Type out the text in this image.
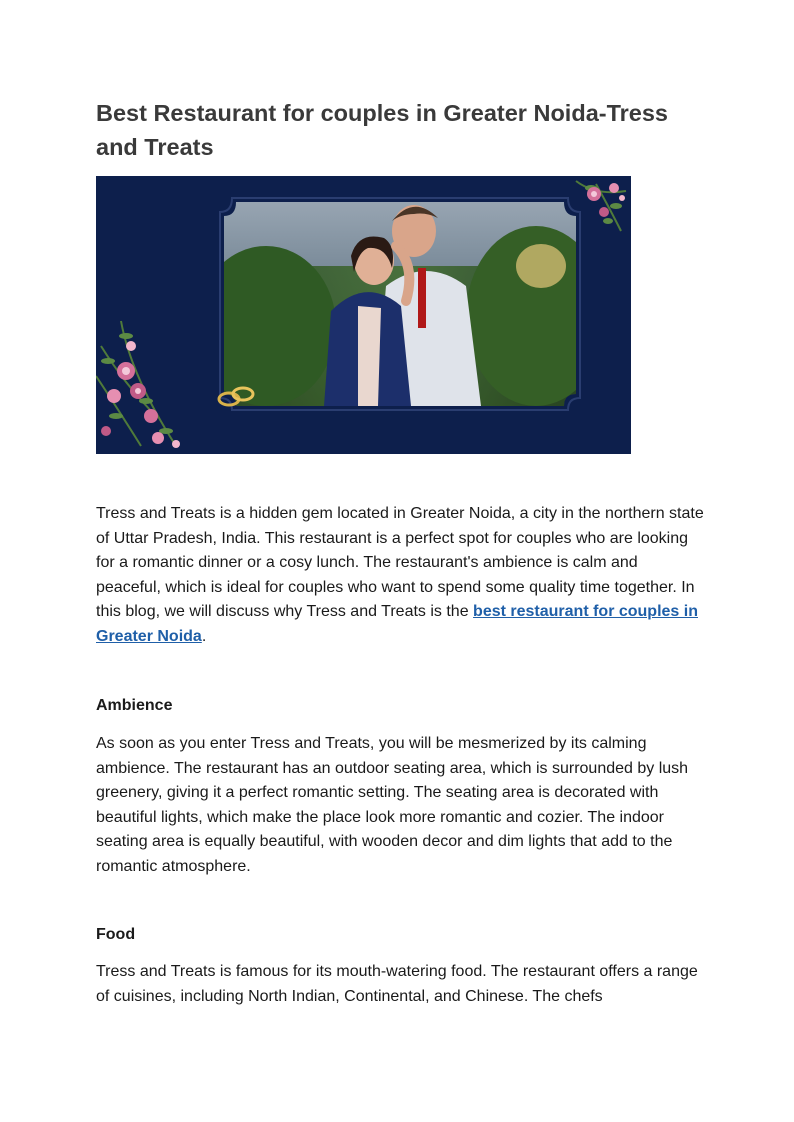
Best Restaurant for couples in Greater Noida-Tress and Treats

Tress and Treats is a hidden gem located in Greater Noida, a city in the northern state of Uttar Pradesh, India. This restaurant is a perfect spot for couples who are looking for a romantic dinner or a cosy lunch. The restaurant's ambience is calm and peaceful, which is ideal for couples who want to spend some quality time together. In this blog, we will discuss why Tress and Treats is the best restaurant for couples in Greater Noida.

Ambience

As soon as you enter Tress and Treats, you will be mesmerized by its calming ambience. The restaurant has an outdoor seating area, which is surrounded by lush greenery, giving it a perfect romantic setting. The seating area is decorated with beautiful lights, which make the place look more romantic and cozier. The indoor seating area is equally beautiful, with wooden decor and dim lights that add to the romantic atmosphere.

Food

Tress and Treats is famous for its mouth-watering food. The restaurant offers a range of cuisines, including North Indian, Continental, and Chinese. The chefs
